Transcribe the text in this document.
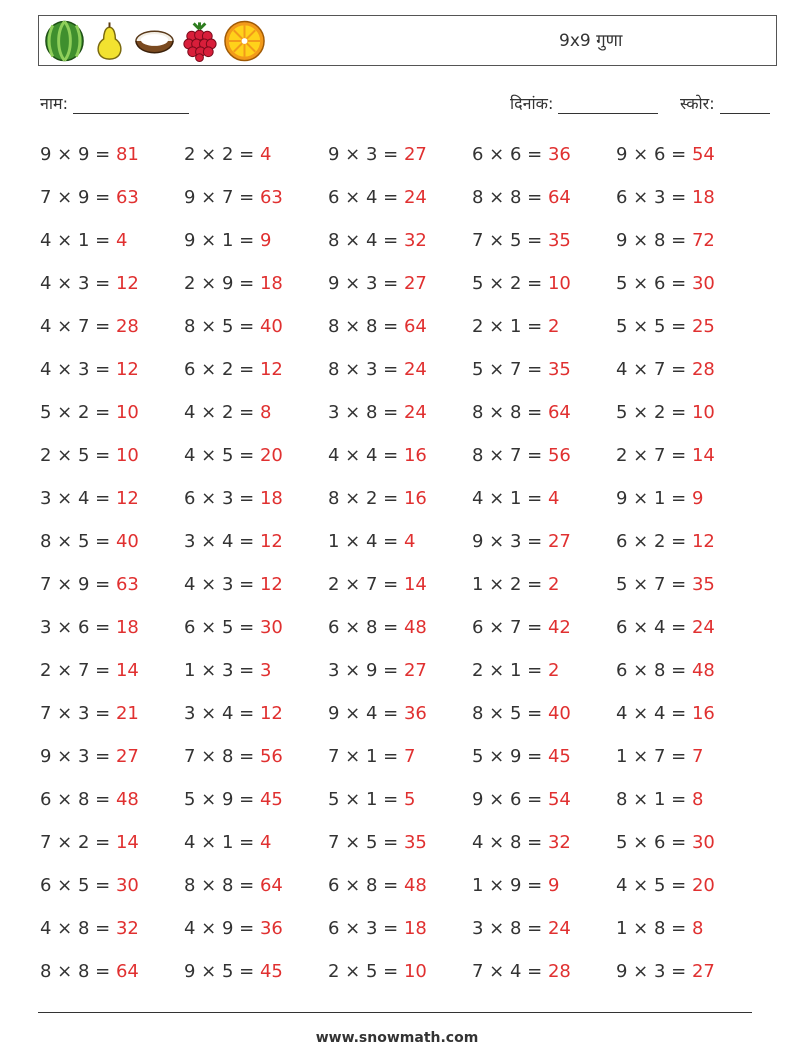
9x9 गुणा
नाम:	दिनांक:	स्कोर:
9 × 9 = 81	2 × 2 = 4	9 × 3 = 27	6 × 6 = 36	9 × 6 = 54
7 × 9 = 63	9 × 7 = 63	6 × 4 = 24	8 × 8 = 64	6 × 3 = 18
4 × 1 = 4	9 × 1 = 9	8 × 4 = 32	7 × 5 = 35	9 × 8 = 72
4 × 3 = 12	2 × 9 = 18	9 × 3 = 27	5 × 2 = 10	5 × 6 = 30
4 × 7 = 28	8 × 5 = 40	8 × 8 = 64	2 × 1 = 2	5 × 5 = 25
4 × 3 = 12	6 × 2 = 12	8 × 3 = 24	5 × 7 = 35	4 × 7 = 28
5 × 2 = 10	4 × 2 = 8	3 × 8 = 24	8 × 8 = 64	5 × 2 = 10
2 × 5 = 10	4 × 5 = 20	4 × 4 = 16	8 × 7 = 56	2 × 7 = 14
3 × 4 = 12	6 × 3 = 18	8 × 2 = 16	4 × 1 = 4	9 × 1 = 9
8 × 5 = 40	3 × 4 = 12	1 × 4 = 4	9 × 3 = 27	6 × 2 = 12
7 × 9 = 63	4 × 3 = 12	2 × 7 = 14	1 × 2 = 2	5 × 7 = 35
3 × 6 = 18	6 × 5 = 30	6 × 8 = 48	6 × 7 = 42	6 × 4 = 24
2 × 7 = 14	1 × 3 = 3	3 × 9 = 27	2 × 1 = 2	6 × 8 = 48
7 × 3 = 21	3 × 4 = 12	9 × 4 = 36	8 × 5 = 40	4 × 4 = 16
9 × 3 = 27	7 × 8 = 56	7 × 1 = 7	5 × 9 = 45	1 × 7 = 7
6 × 8 = 48	5 × 9 = 45	5 × 1 = 5	9 × 6 = 54	8 × 1 = 8
7 × 2 = 14	4 × 1 = 4	7 × 5 = 35	4 × 8 = 32	5 × 6 = 30
6 × 5 = 30	8 × 8 = 64	6 × 8 = 48	1 × 9 = 9	4 × 5 = 20
4 × 8 = 32	4 × 9 = 36	6 × 3 = 18	3 × 8 = 24	1 × 8 = 8
8 × 8 = 64	9 × 5 = 45	2 × 5 = 10	7 × 4 = 28	9 × 3 = 27
www.snowmath.com
